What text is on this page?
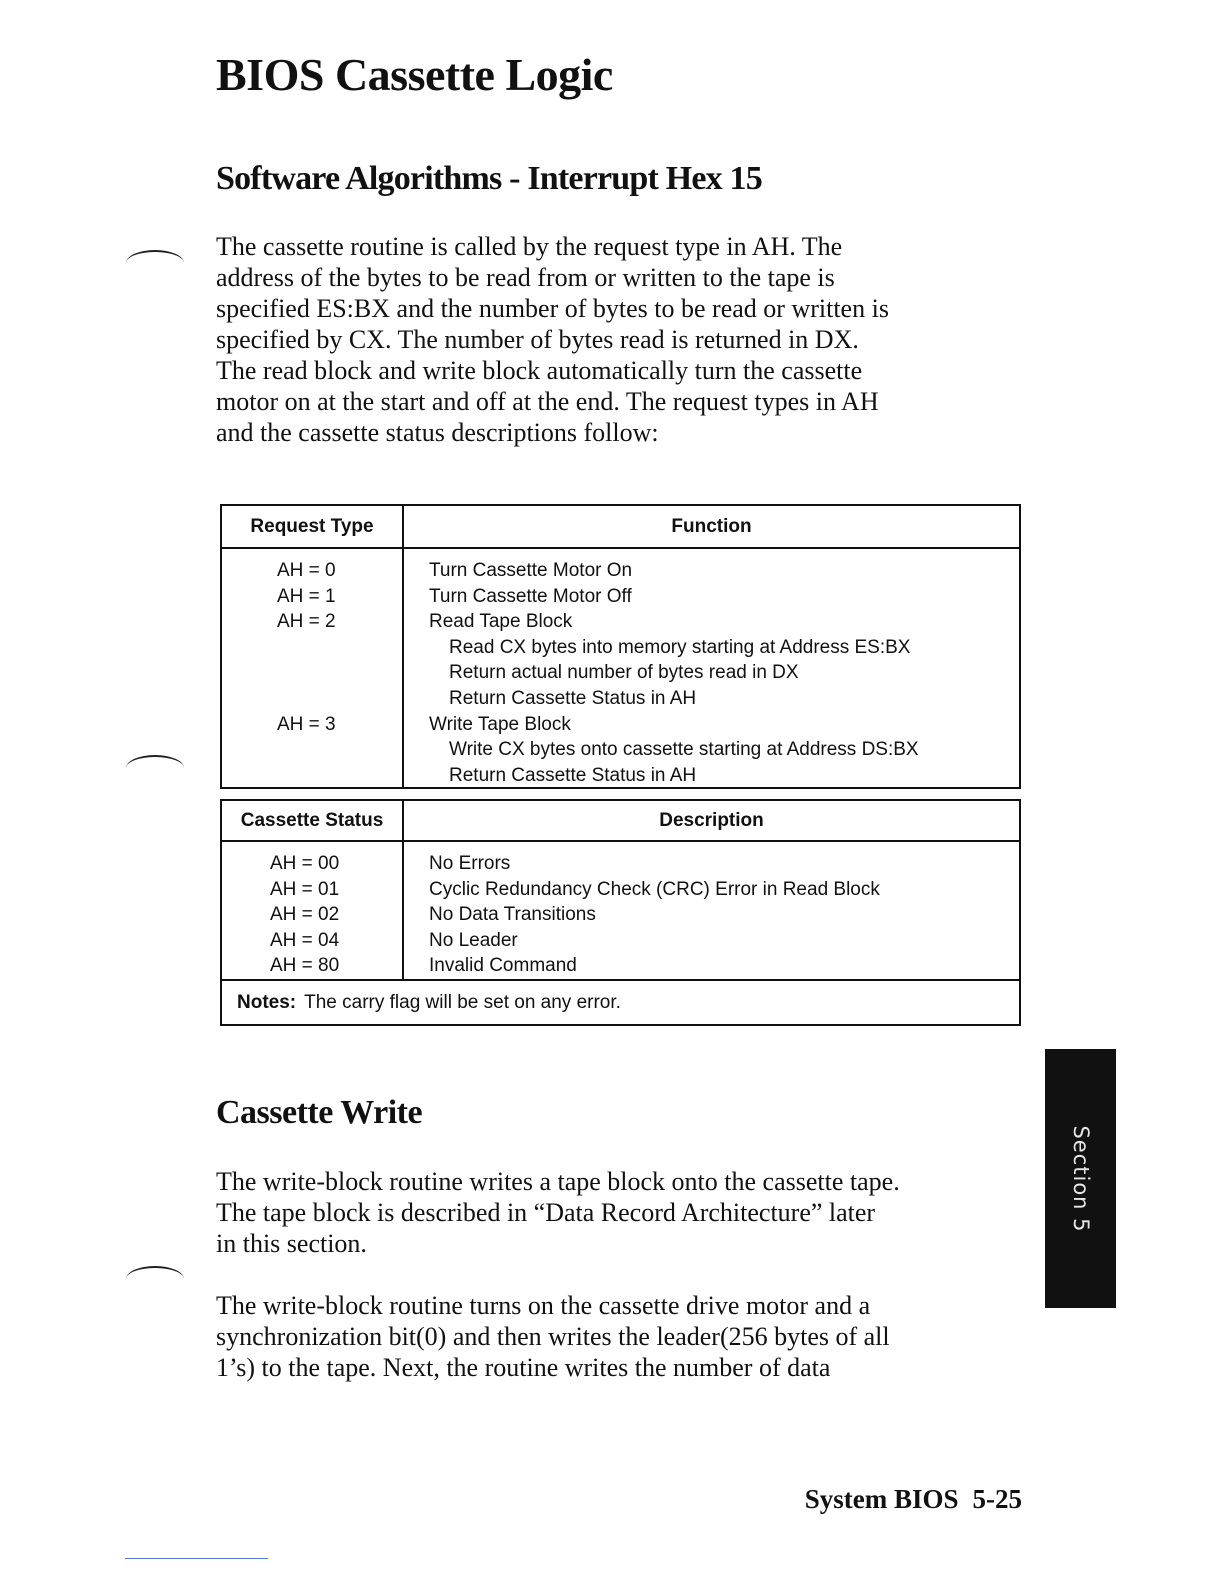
BIOS Cassette Logic
Software Algorithms - Interrupt Hex 15
The cassette routine is called by the request type in AH. The
address of the bytes to be read from or written to the tape is
specified ES:BX and the number of bytes to be read or written is
specified by CX. The number of bytes read is returned in DX.
The read block and write block automatically turn the cassette
motor on at the start and off at the end. The request types in AH
and the cassette status descriptions follow:
Request Type	Function
AH = 0
AH = 1
AH = 2
AH = 3
Turn Cassette Motor On
Turn Cassette Motor Off
Read Tape Block
Read CX bytes into memory starting at Address ES:BX
Return actual number of bytes read in DX
Return Cassette Status in AH
Write Tape Block
Write CX bytes onto cassette starting at Address DS:BX
Return Cassette Status in AH
Cassette Status	Description
AH = 00
AH = 01
AH = 02
AH = 04
AH = 80
No Errors
Cyclic Redundancy Check (CRC) Error in Read Block
No Data Transitions
No Leader
Invalid Command
Notes: The carry flag will be set on any error.
Cassette Write
The write-block routine writes a tape block onto the cassette tape.
The tape block is described in “Data Record Architecture” later
in this section.
The write-block routine turns on the cassette drive motor and a
synchronization bit(0) and then writes the leader(256 bytes of all
1’s) to the tape. Next, the routine writes the number of data
Section 5
System BIOS 5-25
